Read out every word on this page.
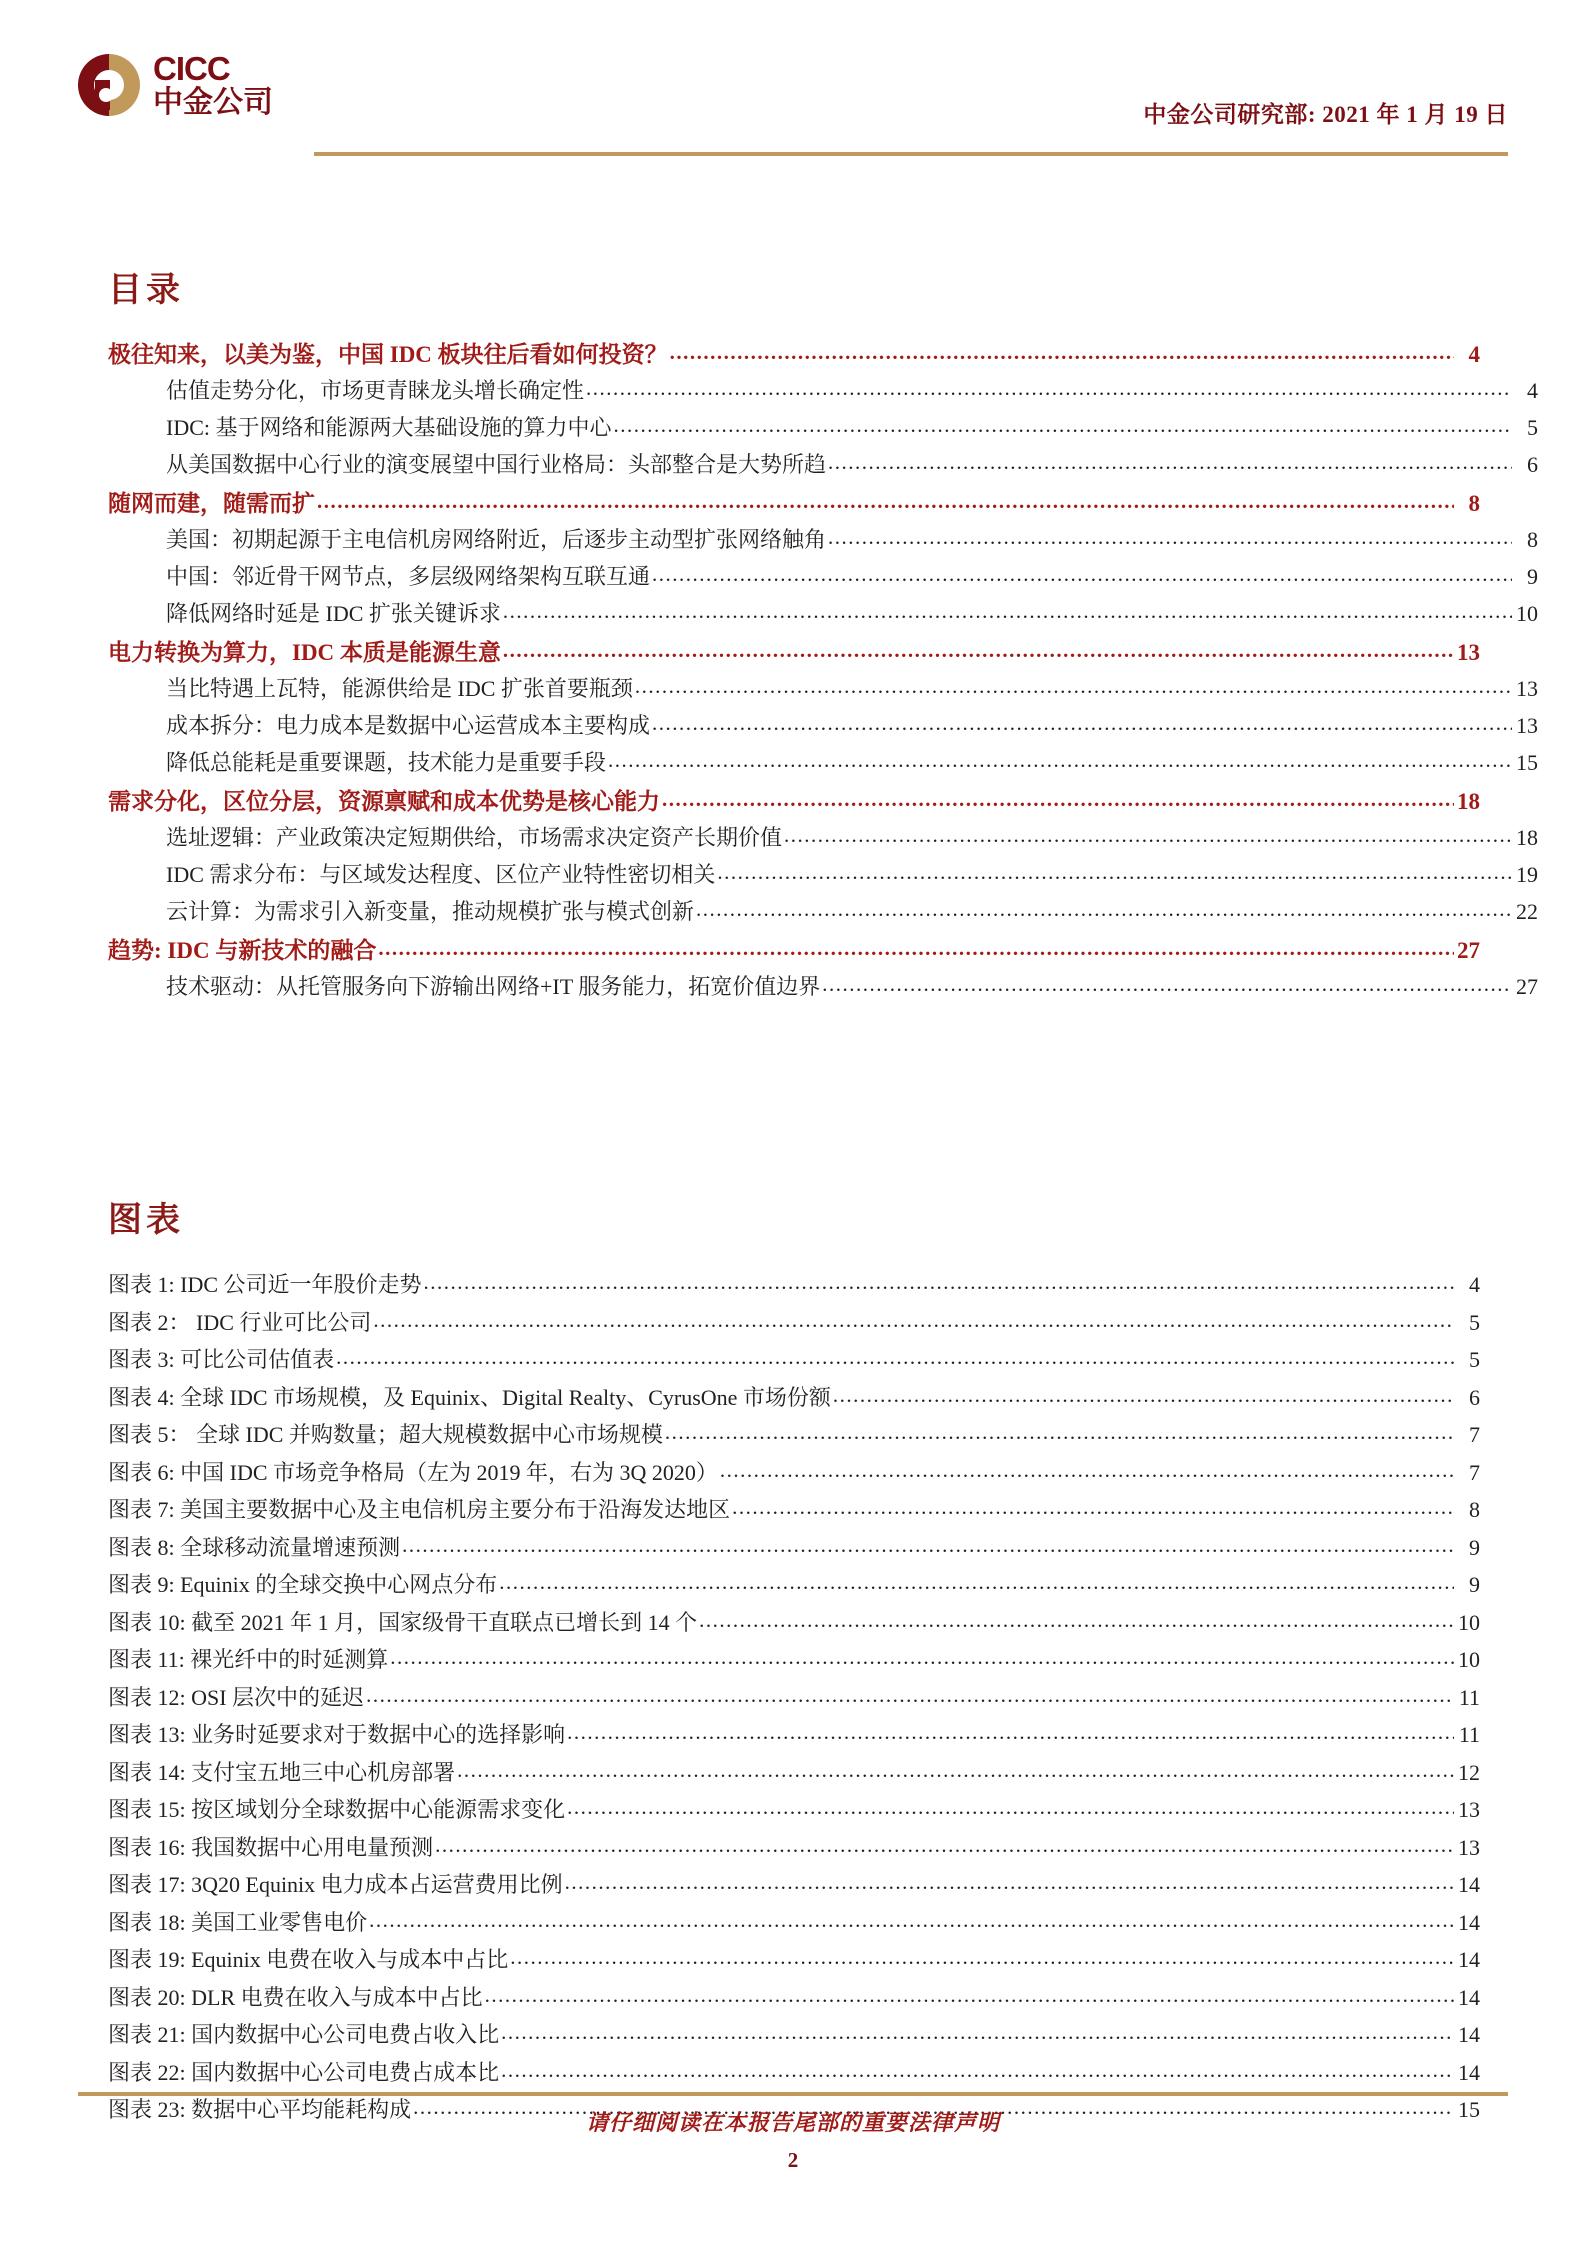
CICC
中金公司	中金公司研究部: 2021 年 1 月 19 日
目录
极往知来，以美为鉴，中国 IDC 板块往后看如何投资？ .....	4
估值走势分化，市场更青睐龙头增长确定性 .....	4
IDC: 基于网络和能源两大基础设施的算力中心 .....	5
从美国数据中心行业的演变展望中国行业格局：头部整合是大势所趋 .....	6
随网而建，随需而扩 .....	8
美国：初期起源于主电信机房网络附近，后逐步主动型扩张网络触角 .....	8
中国：邻近骨干网节点，多层级网络架构互联互通 .....	9
降低网络时延是 IDC 扩张关键诉求 .....	10
电力转换为算力，IDC 本质是能源生意 .....	13
当比特遇上瓦特，能源供给是 IDC 扩张首要瓶颈 .....	13
成本拆分：电力成本是数据中心运营成本主要构成 .....	13
降低总能耗是重要课题，技术能力是重要手段 .....	15
需求分化，区位分层，资源禀赋和成本优势是核心能力 .....	18
选址逻辑：产业政策决定短期供给，市场需求决定资产长期价值 .....	18
IDC 需求分布：与区域发达程度、区位产业特性密切相关 .....	19
云计算：为需求引入新变量，推动规模扩张与模式创新 .....	22
趋势: IDC 与新技术的融合 .....	27
技术驱动：从托管服务向下游输出网络+IT 服务能力，拓宽价值边界 .....	27
图表
图表 1: IDC 公司近一年股价走势 .....	4
图表 2： IDC 行业可比公司 .....	5
图表 3: 可比公司估值表 .....	5
图表 4: 全球 IDC 市场规模，及 Equinix、Digital Realty、CyrusOne 市场份额 .....	6
图表 5： 全球 IDC 并购数量；超大规模数据中心市场规模 .....	7
图表 6: 中国 IDC 市场竞争格局（左为 2019 年，右为 3Q 2020） .....	7
图表 7: 美国主要数据中心及主电信机房主要分布于沿海发达地区 .....	8
图表 8: 全球移动流量增速预测 .....	9
图表 9: Equinix 的全球交换中心网点分布 .....	9
图表 10: 截至 2021 年 1 月，国家级骨干直联点已增长到 14 个 .....	10
图表 11: 裸光纤中的时延测算 .....	10
图表 12: OSI 层次中的延迟 .....	11
图表 13: 业务时延要求对于数据中心的选择影响 .....	11
图表 14: 支付宝五地三中心机房部署 .....	12
图表 15: 按区域划分全球数据中心能源需求变化 .....	13
图表 16: 我国数据中心用电量预测 .....	13
图表 17: 3Q20 Equinix 电力成本占运营费用比例 .....	14
图表 18: 美国工业零售电价 .....	14
图表 19: Equinix 电费在收入与成本中占比 .....	14
图表 20: DLR 电费在收入与成本中占比 .....	14
图表 21: 国内数据中心公司电费占收入比 .....	14
图表 22: 国内数据中心公司电费占成本比 .....	14
图表 23: 数据中心平均能耗构成 .....	15
请仔细阅读在本报告尾部的重要法律声明
2
